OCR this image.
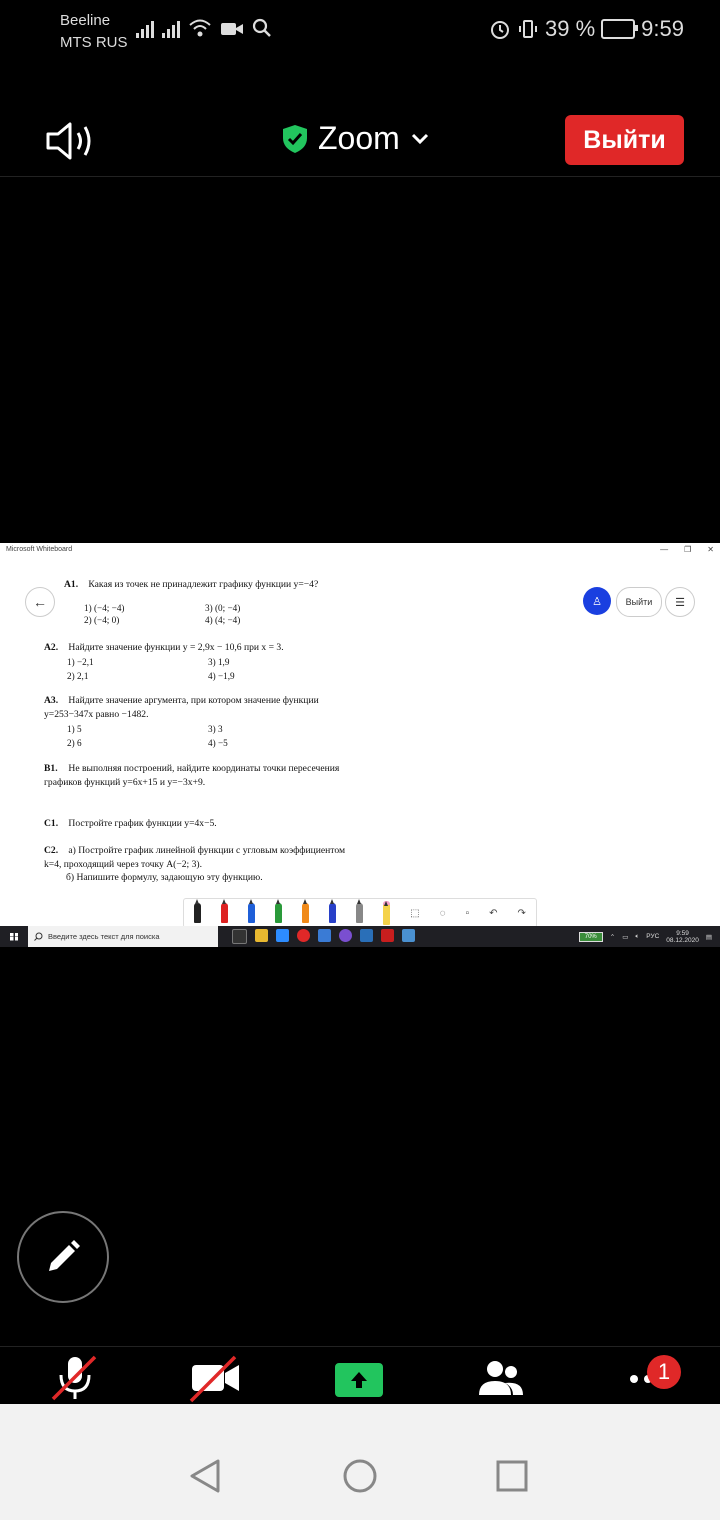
Beeline
MTS RUS
39 % 9:59
Zoom	Выйти
Microsoft Whiteboard	— ❐ ✕
←	♙	Выйти	☰
A1. Какая из точек не принадлежит графику функции y=−4?
1) (−4; −4)	3) (0; −4)
2) (−4; 0)	4) (4; −4)
A2. Найдите значение функции y = 2,9x − 10,6 при x = 3.
1) −2,1	3) 1,9
2) 2,1	4) −1,9
A3. Найдите значение аргумента, при котором значение функции y=253−347x равно −1482.
1) 5	3) 3
2) 6	4) −5
B1. Не выполняя построений, найдите координаты точки пересечения графиков функций y=6x+15 и y=−3x+9.
C1. Постройте график функции y=4x−5.
C2. а) Постройте график линейной функции с угловым коэффициентом k=4, проходящий через точку A(−2; 3).
б) Напишите формулу, задающую эту функцию.
⬚ ◌ ▫ ↶ ↷
Введите здесь текст для поиска	70%	⌃ ▭ 🔈︎ РУС	9:59
08.12.2020 ▤
1
